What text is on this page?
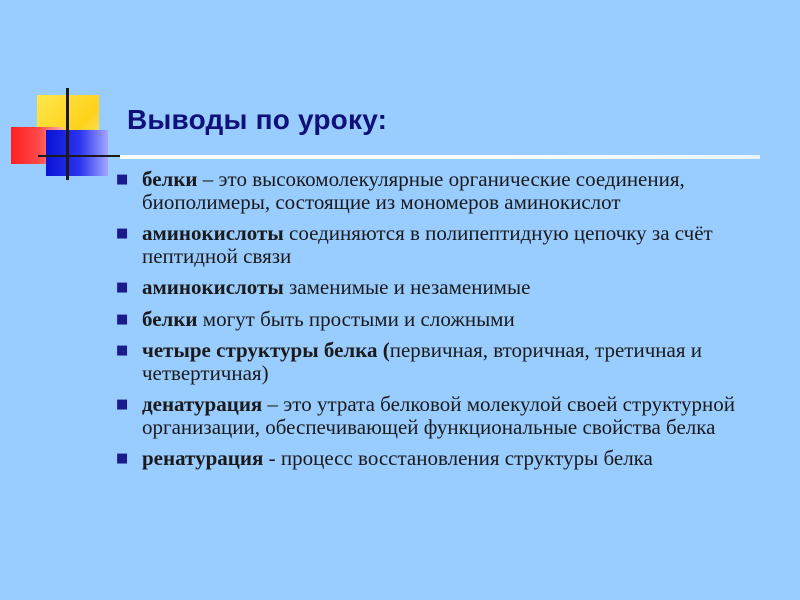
Выводы по уроку:
■ белки – это высокомолекулярные органические соединения, биополимеры, состоящие из мономеров аминокислот
■ аминокислоты соединяются в полипептидную цепочку за счёт пептидной связи
■ аминокислоты заменимые и незаменимые
■ белки могут быть простыми и сложными
■ четыре структуры белка (первичная, вторичная, третичная и четвертичная)
■ денатурация – это утрата белковой молекулой своей структурной организации, обеспечивающей функциональные свойства белка
■ ренатурация - процесс восстановления структуры белка
